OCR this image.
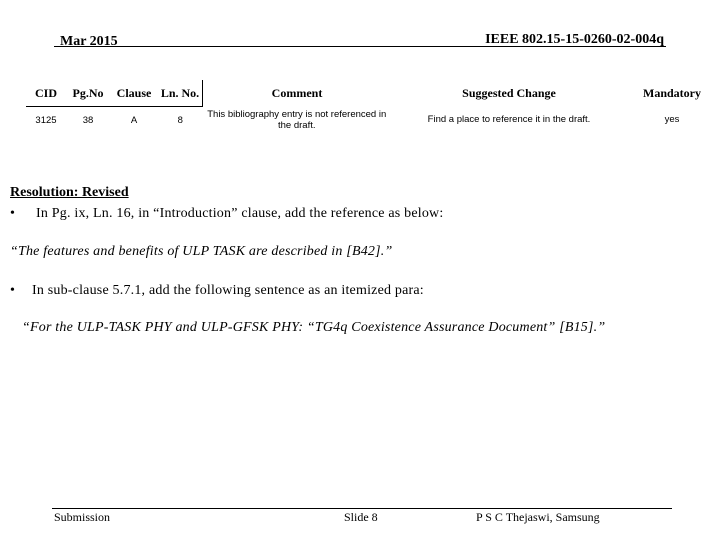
Mar 2015	IEEE 802.15-15-0260-02-004q
CID	Pg.No	Clause	Ln. No.	Comment	Suggested Change	Mandatory
3125	38	A	8	This bibliography entry is not referenced in the draft.	Find a place to reference it in the draft.	yes
Resolution: Revised
• In Pg. ix, Ln. 16, in “Introduction” clause, add the reference as below:
“The features and benefits of ULP TASK are described in [B42].”
• In sub-clause 5.7.1, add the following sentence as an itemized para:
“For the ULP-TASK PHY and ULP-GFSK PHY: “TG4q Coexistence Assurance Document” [B15].”
Submission	Slide 8	P S C Thejaswi, Samsung
